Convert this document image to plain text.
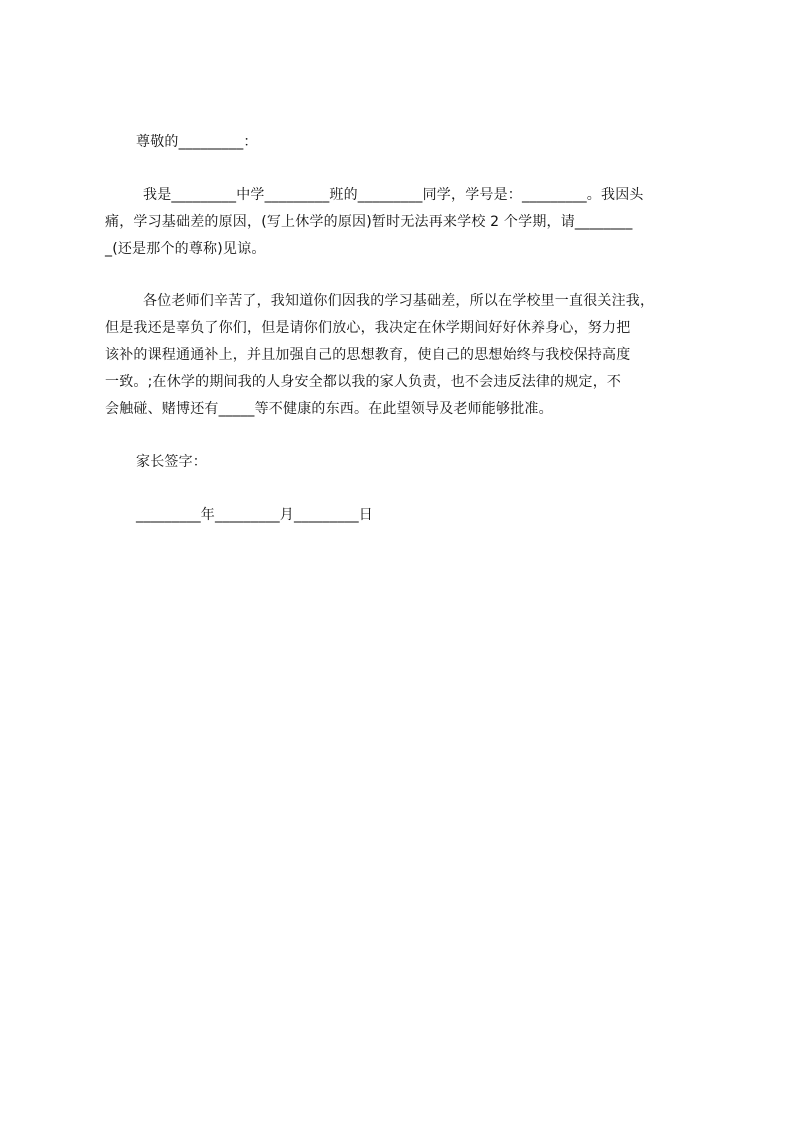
尊敬的_________：
我是_________中学_________班的_________同学，学号是：_________。我因头
痛，学习基础差的原因，(写上休学的原因)暂时无法再来学校 2 个学期，请________
_(还是那个的尊称)见谅。
各位老师们辛苦了，我知道你们因我的学习基础差，所以在学校里一直很关注我，
但是我还是辜负了你们，但是请你们放心，我决定在休学期间好好休养身心，努力把
该补的课程通通补上，并且加强自己的思想教育，使自己的思想始终与我校保持高度
一致。;在休学的期间我的人身安全都以我的家人负责，也不会违反法律的规定，不
会触碰、赌博还有_____等不健康的东西。在此望领导及老师能够批准。
家长签字：
_________年_________月_________日
